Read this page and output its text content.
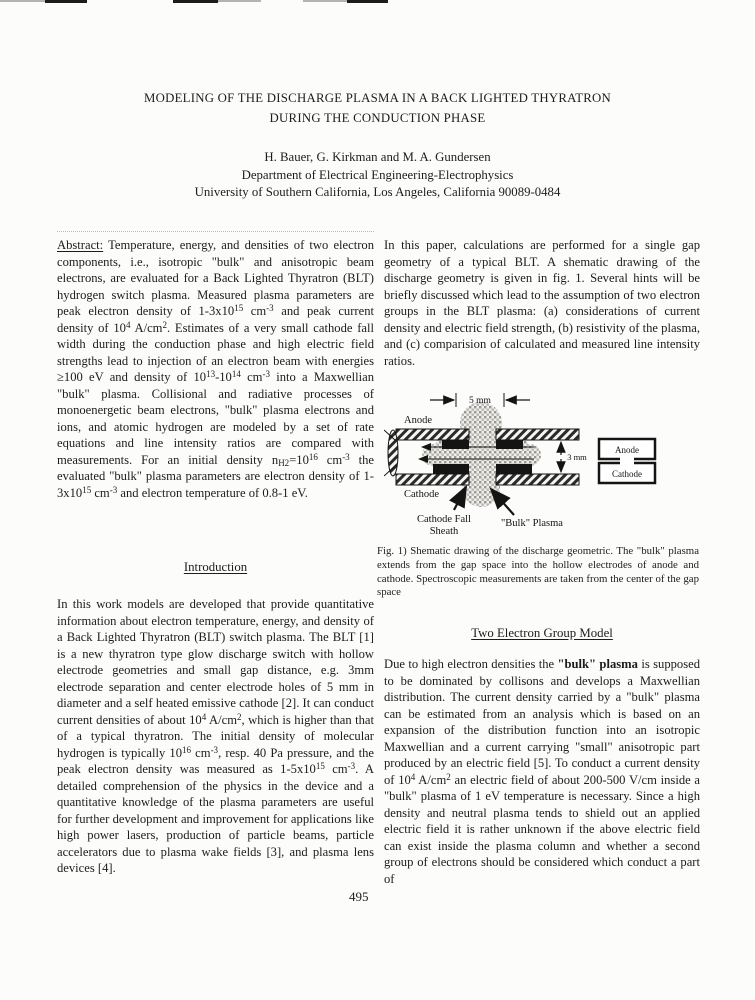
MODELING OF THE DISCHARGE PLASMA IN A BACK LIGHTED THYRATRON
DURING THE CONDUCTION PHASE
H. Bauer, G. Kirkman and M. A. Gundersen
Department of Electrical Engineering-Electrophysics
University of Southern California, Los Angeles, California 90089-0484

Abstract: Temperature, energy, and densities of two electron components, i.e., isotropic "bulk" and anisotropic beam electrons, are evaluated for a Back Lighted Thyratron (BLT) hydrogen switch plasma. Measured plasma parameters are peak electron density of $1-3x10^{15}$ $cm^{-3}$ and peak current density of $10^4$ $A/cm^2$. Estimates of a very small cathode fall width during the conduction phase and high electric field strengths lead to injection of an electron beam with energies ≥100 eV and density of $10^{13}-10^{14}$ $cm^{-3}$ into a Maxwellian "bulk" plasma. Collisional and radiative processes of monoenergetic beam electrons, "bulk" plasma electrons and ions, and atomic hydrogen are modeled by a set of rate equations and line intensity ratios are compared with measurements. For an initial density $n_{H2}=10^{16}$ $cm^{-3}$ the evaluated "bulk" plasma parameters are electron density of $1-3x10^{15}$ $cm^{-3}$ and electron temperature of 0.8-1 eV.

Introduction

In this work models are developed that provide quantitative information about electron temperature, energy, and density of a Back Lighted Thyratron (BLT) switch plasma. The BLT [1] is a new thyratron type glow discharge switch with hollow electrode geometries and small gap distance, e.g. 3mm electrode separation and center electrode holes of 5 mm in diameter and a self heated emissive cathode [2]. It can conduct current densities of about $10^4$ $A/cm^2$, which is higher than that of a typical thyratron. The initial density of molecular hydrogen is typically $10^{16}$ $cm^{-3}$, resp. 40 Pa pressure, and the peak electron density was measured as $1-5x10^{15}$ $cm^{-3}$. A detailed comprehension of the physics in the device and a quantitative knowledge of the plasma parameters are useful for further development and improvement for applications like high power lasers, production of particle beams, particle accelerators due to plasma wake fields [3], and plasma lens devices [4].

In this paper, calculations are performed for a single gap geometry of a typical BLT. A shematic drawing of the discharge geometry is given in fig. 1. Several hints will be briefly discussed which lead to the assumption of two electron groups in the BLT plasma: (a) considerations of current density and electric field strength, (b) resistivity of the plasma, and (c) comparision of calculated and measured line intensity ratios.

5 mm
3 mm
Anode
Cathode
Cathode Fall
Sheath
"Bulk" Plasma
Anode
Cathode

Fig. 1) Shematic drawing of the discharge geometric. The "bulk" plasma extends from the gap space into the hollow electrodes of anode and cathode. Spectroscopic measurements are taken from the center of the gap space

Two Electron Group Model

Due to high electron densities the "bulk" plasma is supposed to be dominated by collisons and develops a Maxwellian distribution. The current density carried by a "bulk" plasma can be estimated from an analysis which is based on an expansion of the distribution function into an isotropic Maxwellian and a current carrying "small" anisotropic part produced by an electric field [5]. To conduct a current density of $10^4$ $A/cm^2$ an electric field of about 200-500 V/cm inside a "bulk" plasma of 1 eV temperature is necessary. Since a high density and neutral plasma tends to shield out an applied electric field it is rather unknown if the above electric field can exist inside the plasma column and whether a second group of electrons should be considered which conduct a part of

495
